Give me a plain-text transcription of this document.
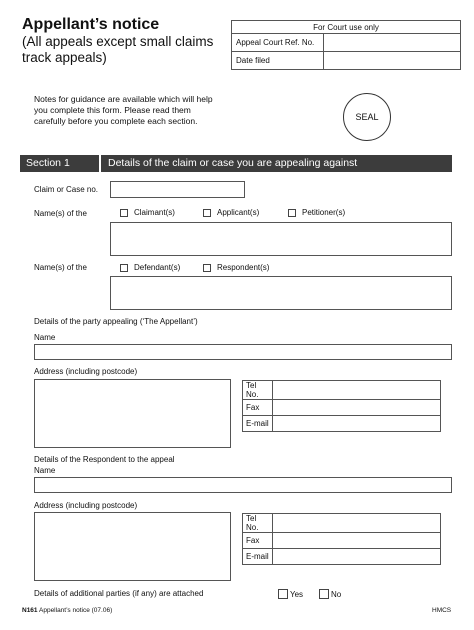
Appellant’s notice
(All appeals except small claims track appeals)
For Court use only	
Appeal Court Ref. No.	
Date filed	
Notes for guidance are available which will help you complete this form. Please read them carefully before you complete each section.	SEAL
Section 1	Details of the claim or case you are appealing against
Claim or Case no.
Name(s) of the	Claimant(s)	Applicant(s)	Petitioner(s)
Name(s) of the	Defendant(s)	Respondent(s)
Details of the party appealing (‘The Appellant’)
Name
Address (including postcode)
Tel No.	
Fax	
E-mail	
Details of the Respondent to the appeal
Name
Address (including postcode)
Tel No.	
Fax	
E-mail	
Details of additional parties (if any) are attached	Yes	No
N161 Appellant’s notice (07.06)	HMCS
